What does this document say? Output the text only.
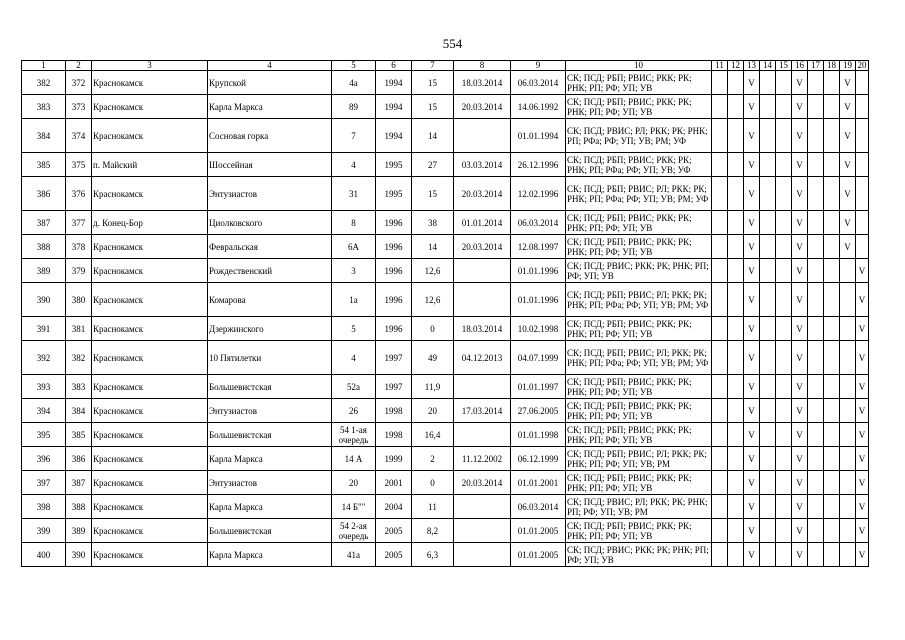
554
1	2	3	4	5	6	7	8	9	10	11	12	13	14	15	16	17	18	19	20
382	372	Краснокамск	Крупской	4а	1994	15	18.03.2014	06.03.2014	СК; ПСД; РБП; РВИС; РКК; РК; РНК; РП; РФ; УП; УВ			V			V			V	
383	373	Краснокамск	Карла Маркса	89	1994	15	20.03.2014	14.06.1992	СК; ПСД; РБП; РВИС; РКК; РК; РНК; РП; РФ; УП; УВ			V			V			V	
384	374	Краснокамск	Сосновая горка	7	1994	14		01.01.1994	СК; ПСД; РВИС; РЛ; РКК; РК; РНК; РП; РФа; РФ; УП; УВ; РМ; УФ			V			V			V	
385	375	п. Майский	Шоссейная	4	1995	27	03.03.2014	26.12.1996	СК; ПСД; РБП; РВИС; РКК; РК; РНК; РП; РФа; РФ; УП; УВ; УФ			V			V			V	
386	376	Краснокамск	Энтузиастов	31	1995	15	20.03.2014	12.02.1996	СК; ПСД; РБП; РВИС; РЛ; РКК; РК; РНК; РП; РФа; РФ; УП; УВ; РМ; УФ			V			V			V	
387	377	д. Конец-Бор	Циолковского	8	1996	38	01.01.2014	06.03.2014	СК; ПСД; РБП; РВИС; РКК; РК; РНК; РП; РФ; УП; УВ			V			V			V	
388	378	Краснокамск	Февральская	6А	1996	14	20.03.2014	12.08.1997	СК; ПСД; РБП; РВИС; РКК; РК; РНК; РП; РФ; УП; УВ			V			V			V	
389	379	Краснокамск	Рождественский	3	1996	12,6		01.01.1996	СК; ПСД; РВИС; РКК; РК; РНК; РП; РФ; УП; УВ			V			V				V
390	380	Краснокамск	Комарова	1а	1996	12,6		01.01.1996	СК; ПСД; РБП; РВИС; РЛ; РКК; РК; РНК; РП; РФа; РФ; УП; УВ; РМ; УФ			V			V				V
391	381	Краснокамск	Дзержинского	5	1996	0	18.03.2014	10.02.1998	СК; ПСД; РБП; РВИС; РКК; РК; РНК; РП; РФ; УП; УВ			V			V				V
392	382	Краснокамск	10 Пятилетки	4	1997	49	04.12.2013	04.07.1999	СК; ПСД; РБП; РВИС; РЛ; РКК; РК; РНК; РП; РФа; РФ; УП; УВ; РМ; УФ			V			V				V
393	383	Краснокамск	Большевистская	52а	1997	11,9		01.01.1997	СК; ПСД; РБП; РВИС; РКК; РК; РНК; РП; РФ; УП; УВ			V			V				V
394	384	Краснокамск	Энтузиастов	26	1998	20	17.03.2014	27.06.2005	СК; ПСД; РБП; РВИС; РКК; РК; РНК; РП; РФ; УП; УВ			V			V				V
395	385	Краснокамск	Большевистская	54 1-ая очередь	1998	16,4		01.01.1998	СК; ПСД; РБП; РВИС; РКК; РК; РНК; РП; РФ; УП; УВ			V			V				V
396	386	Краснокамск	Карла Маркса	14 А	1999	2	11.12.2002	06.12.1999	СК; ПСД; РБП; РВИС; РЛ; РКК; РК; РНК; РП; РФ; УП; УВ; РМ			V			V				V
397	387	Краснокамск	Энтузиастов	20	2001	0	20.03.2014	01.01.2001	СК; ПСД; РБП; РВИС; РКК; РК; РНК; РП; РФ; УП; УВ			V			V				V
398	388	Краснокамск	Карла Маркса	14 Б""	2004	11		06.03.2014	СК; ПСД; РВИС; РЛ; РКК; РК; РНК; РП; РФ; УП; УВ; РМ			V			V				V
399	389	Краснокамск	Большевистская	54 2-ая очередь	2005	8,2		01.01.2005	СК; ПСД; РБП; РВИС; РКК; РК; РНК; РП; РФ; УП; УВ			V			V				V
400	390	Краснокамск	Карла Маркса	41а	2005	6,3		01.01.2005	СК; ПСД; РВИС; РКК; РК; РНК; РП; РФ; УП; УВ			V			V				V
